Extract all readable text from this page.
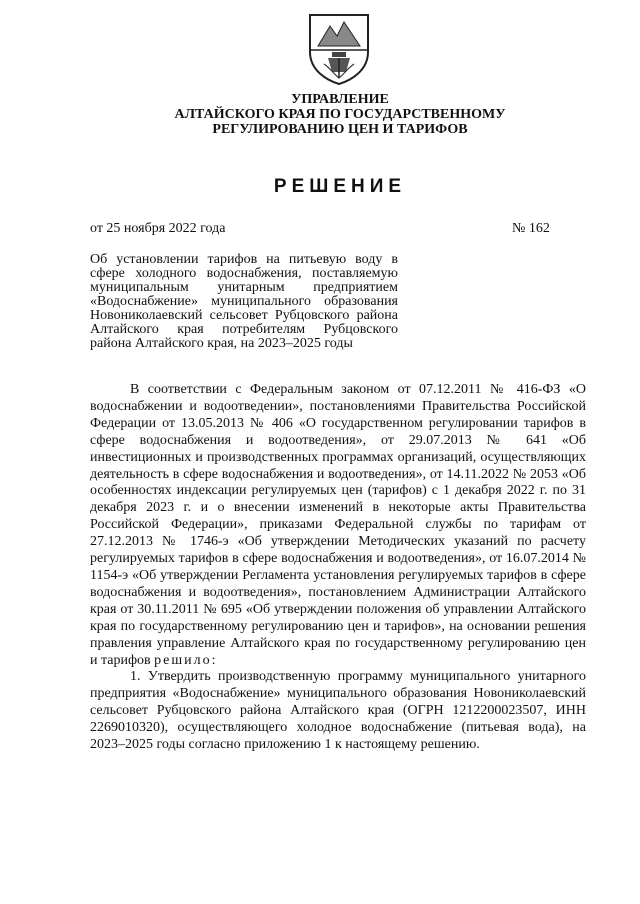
УПРАВЛЕНИЕ
АЛТАЙСКОГО КРАЯ ПО ГОСУДАРСТВЕННОМУ
РЕГУЛИРОВАНИЮ ЦЕН И ТАРИФОВ
РЕШЕНИЕ
от 25 ноября 2022 года	№ 162
Об установлении тарифов на питьевую воду в сфере холодного водоснабжения, поставляемую муниципальным унитарным предприятием «Водоснабжение» муниципального образования Новониколаевский сельсовет Рубцовского района Алтайского края потребителям Рубцовского района Алтайского края, на 2023–2025 годы

В соответствии с Федеральным законом от 07.12.2011 № 416-ФЗ «О водоснабжении и водоотведении», постановлениями Правительства Российской Федерации от 13.05.2013 № 406 «О государственном регулировании тарифов в сфере водоснабжения и водоотведения», от 29.07.2013 № 641 «Об инвестиционных и производственных программах организаций, осуществляющих деятельность в сфере водоснабжения и водоотведения», от 14.11.2022 № 2053 «Об особенностях индексации регулируемых цен (тарифов) с 1 декабря 2022 г. по 31 декабря 2023 г. и о внесении изменений в некоторые акты Правительства Российской Федерации», приказами Федеральной службы по тарифам от 27.12.2013 № 1746-э «Об утверждении Методических указаний по расчету регулируемых тарифов в сфере водоснабжения и водоотведения», от 16.07.2014 № 1154-э «Об утверждении Регламента установления регулируемых тарифов в сфере водоснабжения и водоотведения», постановлением Администрации Алтайского края от 30.11.2011 № 695 «Об утверждении положения об управлении Алтайского края по государственному регулированию цен и тарифов», на основании решения правления управление Алтайского края по государственному регулированию цен и тарифов решило:

1. Утвердить производственную программу муниципального унитарного предприятия «Водоснабжение» муниципального образования Новониколаевский сельсовет Рубцовского района Алтайского края (ОГРН 1212200023507, ИНН 2269010320), осуществляющего холодное водоснабжение (питьевая вода), на 2023–2025 годы согласно приложению 1 к настоящему решению.
